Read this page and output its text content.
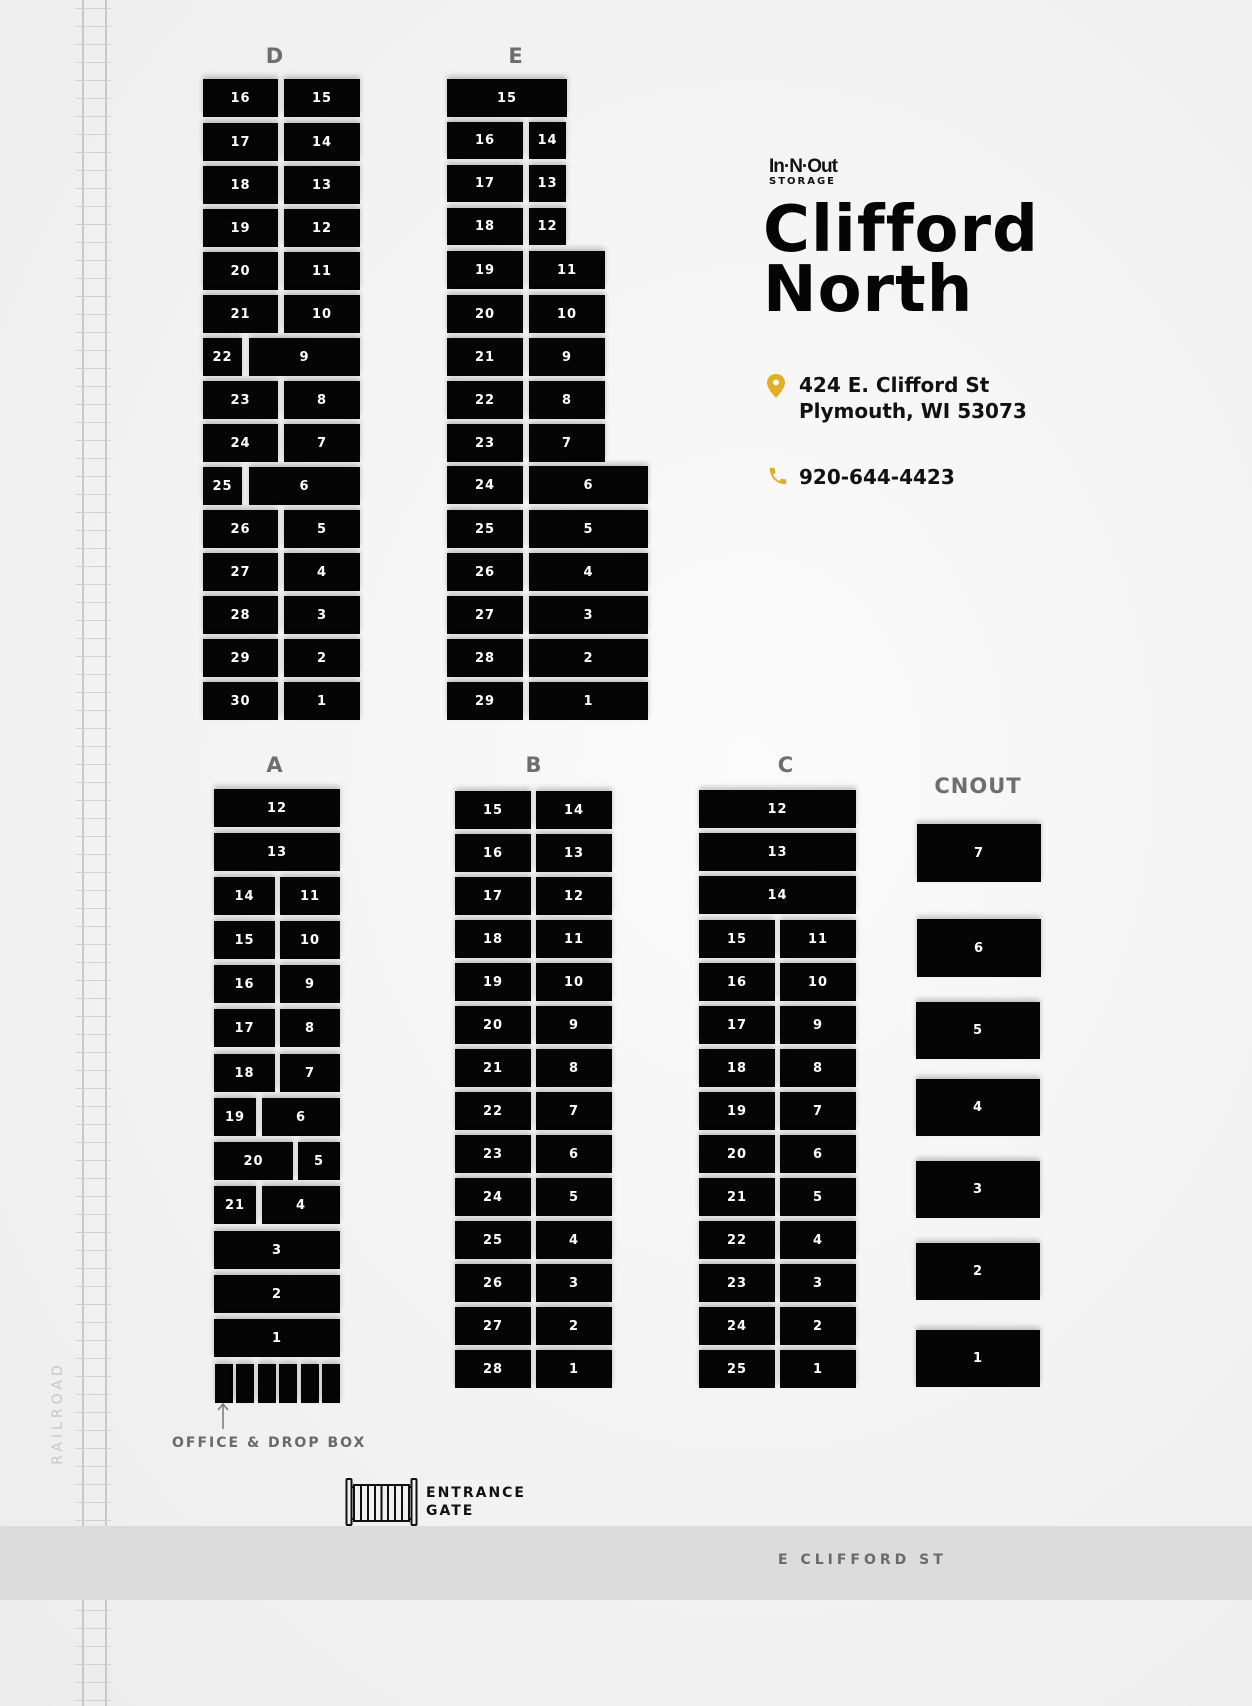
RAILROAD
E CLIFFORD ST
D	E
A	B	C
CNOUT
16	15
17	14
18	13
19	12
20	11
21	10
22	9
23	8
24	7
25	6
26	5
27	4
28	3
29	2
30	1
15
16	14
17	13
18	12
19	11
20	10
21	9
22	8
23	7
24	6
25	5
26	4
27	3
28	2
29	1
12
13
14	11
15	10
16	9
17	8
18	7
19	6
20	5
21	4
3
2
1
15	14
16	13
17	12
18	11
19	10
20	9
21	8
22	7
23	6
24	5
25	4
26	3
27	2
28	1
12
13
14
15	11
16	10
17	9
18	8
19	7
20	6
21	5
22	4
23	3
24	2
25	1
7
6
5
4
3
2
1
OFFICE & DROP BOX
ENTRANCE
GATE
In·N·Out
STORAGE
Clifford
North
424 E. Clifford St
Plymouth, WI 53073
920-644-4423
